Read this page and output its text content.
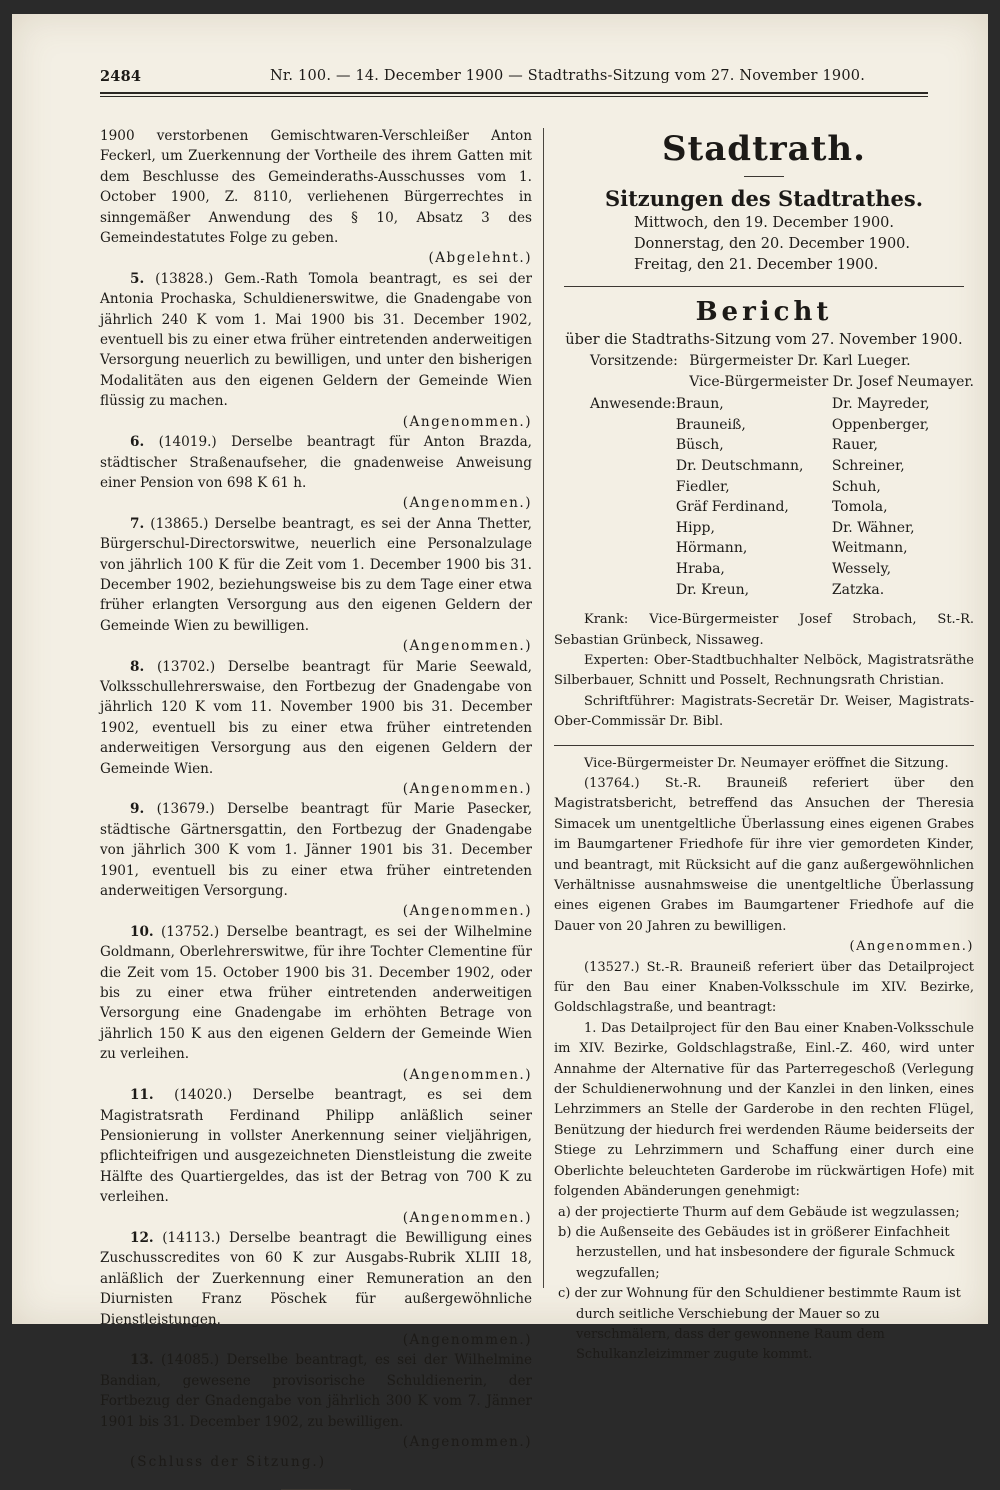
2484	Nr. 100. — 14. December 1900 — Stadtraths-Sitzung vom 27. November 1900.

1900 verstorbenen Gemischtwaren-Verschleißer Anton Feckerl, um Zuerkennung der Vortheile des ihrem Gatten mit dem Beschlusse des Gemeinderaths-Ausschusses vom 1. October 1900, Z. 8110, verliehenen Bürgerrechtes in sinngemäßer Anwendung des § 10, Absatz 3 des Gemeindestatutes Folge zu geben.

(Abgelehnt.)

5. (13828.) Gem.-Rath Tomola beantragt, es sei der Antonia Prochaska, Schuldienerswitwe, die Gnadengabe von jährlich 240 K vom 1. Mai 1900 bis 31. December 1902, eventuell bis zu einer etwa früher eintretenden anderweitigen Versorgung neuerlich zu bewilligen, und unter den bisherigen Modalitäten aus den eigenen Geldern der Gemeinde Wien flüssig zu machen.

(Angenommen.)

6. (14019.) Derselbe beantragt für Anton Brazda, städtischer Straßenaufseher, die gnadenweise Anweisung einer Pension von 698 K 61 h.

(Angenommen.)

7. (13865.) Derselbe beantragt, es sei der Anna Thetter, Bürgerschul-Directorswitwe, neuerlich eine Personalzulage von jährlich 100 K für die Zeit vom 1. December 1900 bis 31. December 1902, beziehungsweise bis zu dem Tage einer etwa früher erlangten Versorgung aus den eigenen Geldern der Gemeinde Wien zu bewilligen.

(Angenommen.)

8. (13702.) Derselbe beantragt für Marie Seewald, Volksschullehrerswaise, den Fortbezug der Gnadengabe von jährlich 120 K vom 11. November 1900 bis 31. December 1902, eventuell bis zu einer etwa früher eintretenden anderweitigen Versorgung aus den eigenen Geldern der Gemeinde Wien.

(Angenommen.)

9. (13679.) Derselbe beantragt für Marie Pasecker, städtische Gärtnersgattin, den Fortbezug der Gnadengabe von jährlich 300 K vom 1. Jänner 1901 bis 31. December 1901, eventuell bis zu einer etwa früher eintretenden anderweitigen Versorgung.

(Angenommen.)

10. (13752.) Derselbe beantragt, es sei der Wilhelmine Goldmann, Oberlehrerswitwe, für ihre Tochter Clementine für die Zeit vom 15. October 1900 bis 31. December 1902, oder bis zu einer etwa früher eintretenden anderweitigen Versorgung eine Gnadengabe im erhöhten Betrage von jährlich 150 K aus den eigenen Geldern der Gemeinde Wien zu verleihen.

(Angenommen.)

11. (14020.) Derselbe beantragt, es sei dem Magistratsrath Ferdinand Philipp anläßlich seiner Pensionierung in vollster Anerkennung seiner vieljährigen, pflichteifrigen und ausgezeichneten Dienstleistung die zweite Hälfte des Quartiergeldes, das ist der Betrag von 700 K zu verleihen.

(Angenommen.)

12. (14113.) Derselbe beantragt die Bewilligung eines Zuschusscredites von 60 K zur Ausgabs-Rubrik XLIII 18, anläßlich der Zuerkennung einer Remuneration an den Diurnisten Franz Pöschek für außergewöhnliche Dienstleistungen.

(Angenommen.)

13. (14085.) Derselbe beantragt, es sei der Wilhelmine Bandian, gewesene provisorische Schuldienerin, der Fortbezug der Gnadengabe von jährlich 300 K vom 7. Jänner 1901 bis 31. December 1902, zu bewilligen.

(Angenommen.)

(Schluss der Sitzung.)

Stadtrath.
Sitzungen des Stadtrathes.
Mittwoch, den 19. December 1900.
Donnerstag, den 20. December 1900.
Freitag, den 21. December 1900.
Bericht
über die Stadtraths-Sitzung vom 27. November 1900.
Vorsitzende:	Bürgermeister Dr. Karl Lueger.
	Vice-Bürgermeister Dr. Josef Neumayer.
Anwesende:	Braun,	Dr. Mayreder,
	Brauneiß,	Oppenberger,
	Büsch,	Rauer,
	Dr. Deutschmann,	Schreiner,
	Fiedler,	Schuh,
	Gräf Ferdinand,	Tomola,
	Hipp,	Dr. Wähner,
	Hörmann,	Weitmann,
	Hraba,	Wessely,
	Dr. Kreun,	Zatzka.

Krank: Vice-Bürgermeister Josef Strobach, St.-R. Sebastian Grünbeck, Nissaweg.

Experten: Ober-Stadtbuchhalter Nelböck, Magistratsräthe Silberbauer, Schnitt und Posselt, Rechnungsrath Christian.

Schriftführer: Magistrats-Secretär Dr. Weiser, Magistrats-Ober-Commissär Dr. Bibl.

Vice-Bürgermeister Dr. Neumayer eröffnet die Sitzung.

(13764.) St.-R. Brauneiß referiert über den Magistratsbericht, betreffend das Ansuchen der Theresia Simacek um unentgeltliche Überlassung eines eigenen Grabes im Baumgartener Friedhofe für ihre vier gemordeten Kinder, und beantragt, mit Rücksicht auf die ganz außergewöhnlichen Verhältnisse ausnahmsweise die unentgeltliche Überlassung eines eigenen Grabes im Baumgartener Friedhofe auf die Dauer von 20 Jahren zu bewilligen.

(Angenommen.)

(13527.) St.-R. Brauneiß referiert über das Detailproject für den Bau einer Knaben-Volksschule im XIV. Bezirke, Goldschlagstraße, und beantragt:

1. Das Detailproject für den Bau einer Knaben-Volksschule im XIV. Bezirke, Goldschlagstraße, Einl.-Z. 460, wird unter Annahme der Alternative für das Parterregeschoß (Verlegung der Schuldienerwohnung und der Kanzlei in den linken, eines Lehrzimmers an Stelle der Garderobe in den rechten Flügel, Benützung der hiedurch frei werdenden Räume beiderseits der Stiege zu Lehrzimmern und Schaffung einer durch eine Oberlichte beleuchteten Garderobe im rückwärtigen Hofe) mit folgenden Abänderungen genehmigt:

a) der projectierte Thurm auf dem Gebäude ist wegzulassen;
b) die Außenseite des Gebäudes ist in größerer Einfachheit herzustellen, und hat insbesondere der figurale Schmuck wegzufallen;
c) der zur Wohnung für den Schuldiener bestimmte Raum ist durch seitliche Verschiebung der Mauer so zu verschmälern, dass der gewonnene Raum dem Schulkanzleizimmer zugute kommt.
